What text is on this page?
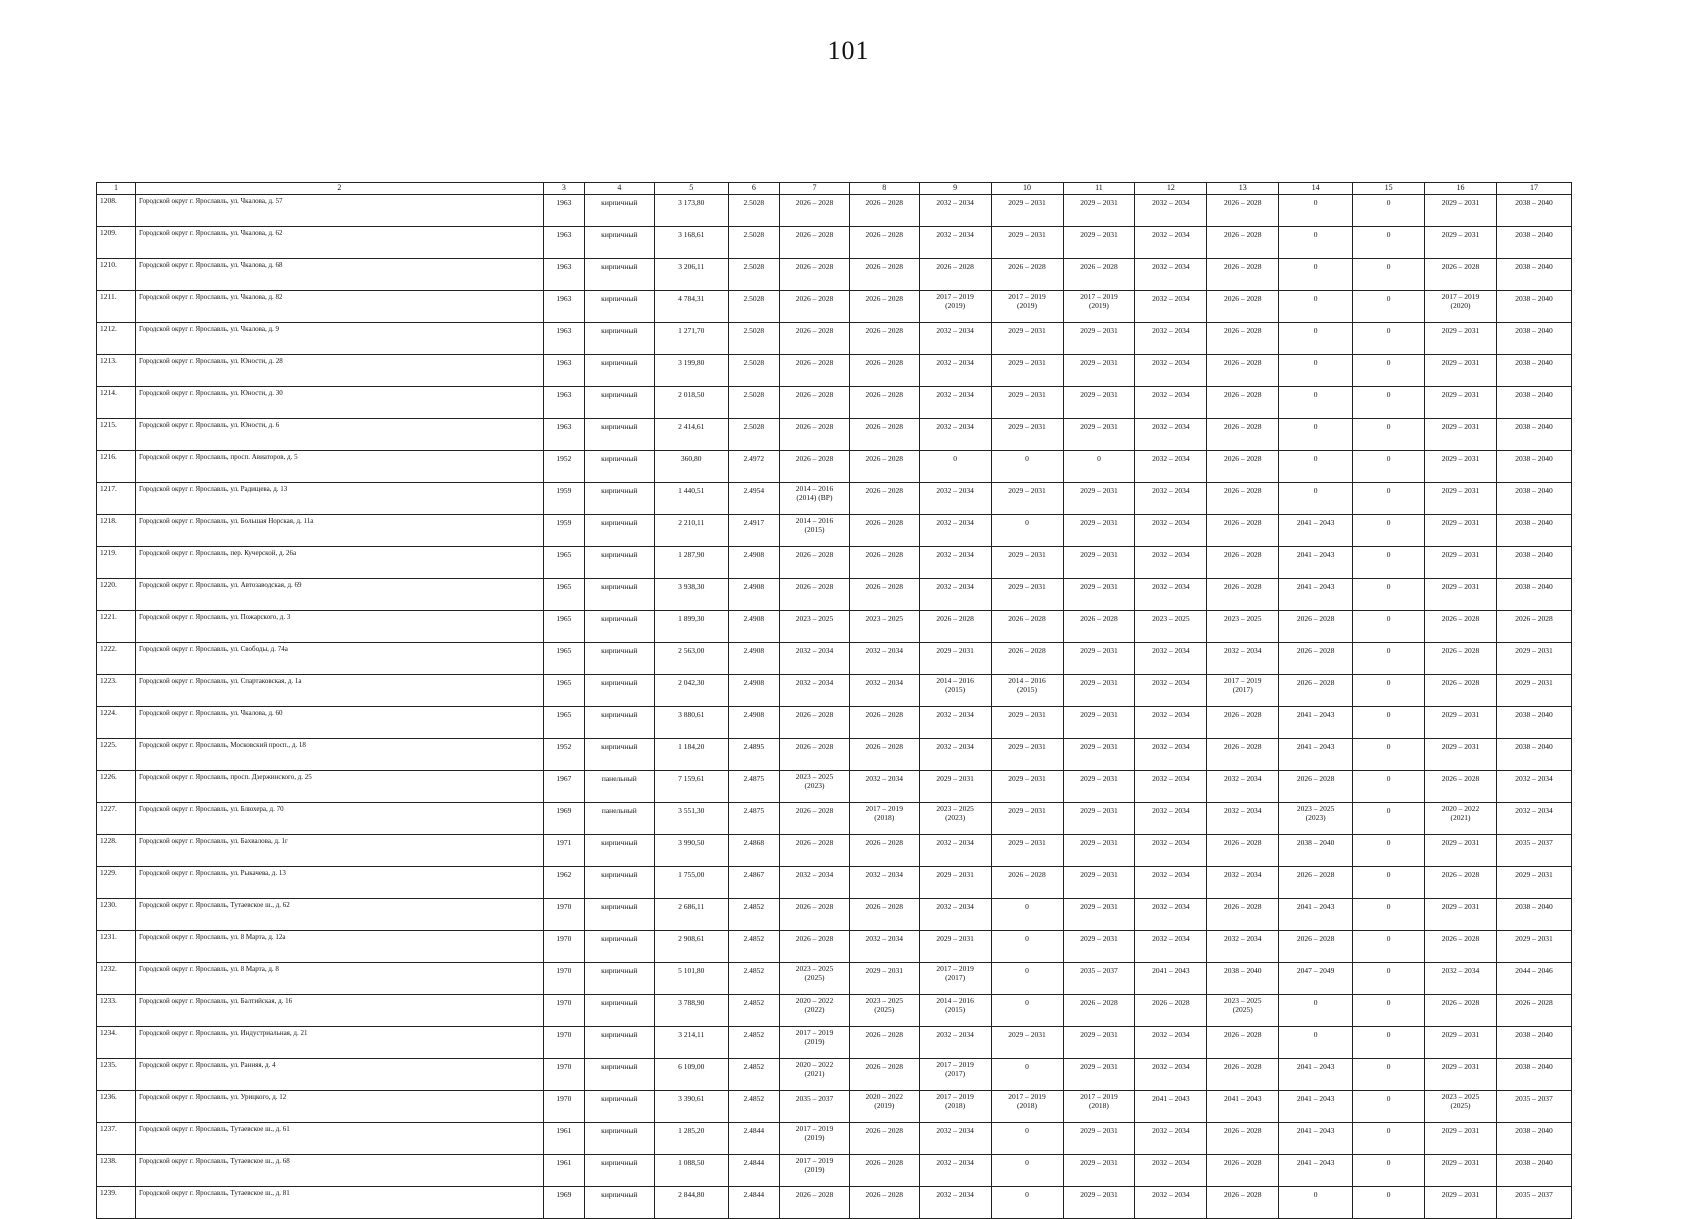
101
1	2	3	4	5	6	7	8	9	10	11	12	13	14	15	16	17
1208.	Городской округ г. Ярославль, ул. Чкалова, д. 57	1963	кирпичный	3 173,80	2.5028	2026 – 2028	2026 – 2028	2032 – 2034	2029 – 2031	2029 – 2031	2032 – 2034	2026 – 2028	0	0	2029 – 2031	2038 – 2040
1209.	Городской округ г. Ярославль, ул. Чкалова, д. 62	1963	кирпичный	3 168,61	2.5028	2026 – 2028	2026 – 2028	2032 – 2034	2029 – 2031	2029 – 2031	2032 – 2034	2026 – 2028	0	0	2029 – 2031	2038 – 2040
1210.	Городской округ г. Ярославль, ул. Чкалова, д. 68	1963	кирпичный	3 206,11	2.5028	2026 – 2028	2026 – 2028	2026 – 2028	2026 – 2028	2026 – 2028	2032 – 2034	2026 – 2028	0	0	2026 – 2028	2038 – 2040
1211.	Городской округ г. Ярославль, ул. Чкалова, д. 82	1963	кирпичный	4 784,31	2.5028	2026 – 2028	2026 – 2028	2017 – 2019
(2019)	2017 – 2019
(2019)	2017 – 2019
(2019)	2032 – 2034	2026 – 2028	0	0	2017 – 2019
(2020)	2038 – 2040
1212.	Городской округ г. Ярославль, ул. Чкалова, д. 9	1963	кирпичный	1 271,70	2.5028	2026 – 2028	2026 – 2028	2032 – 2034	2029 – 2031	2029 – 2031	2032 – 2034	2026 – 2028	0	0	2029 – 2031	2038 – 2040
1213.	Городской округ г. Ярославль, ул. Юности, д. 28	1963	кирпичный	3 199,80	2.5028	2026 – 2028	2026 – 2028	2032 – 2034	2029 – 2031	2029 – 2031	2032 – 2034	2026 – 2028	0	0	2029 – 2031	2038 – 2040
1214.	Городской округ г. Ярославль, ул. Юности, д. 30	1963	кирпичный	2 018,50	2.5028	2026 – 2028	2026 – 2028	2032 – 2034	2029 – 2031	2029 – 2031	2032 – 2034	2026 – 2028	0	0	2029 – 2031	2038 – 2040
1215.	Городской округ г. Ярославль, ул. Юности, д. 6	1963	кирпичный	2 414,61	2.5028	2026 – 2028	2026 – 2028	2032 – 2034	2029 – 2031	2029 – 2031	2032 – 2034	2026 – 2028	0	0	2029 – 2031	2038 – 2040
1216.	Городской округ г. Ярославль, просп. Авиаторов, д. 5	1952	кирпичный	360,80	2.4972	2026 – 2028	2026 – 2028	0	0	0	2032 – 2034	2026 – 2028	0	0	2029 – 2031	2038 – 2040
1217.	Городской округ г. Ярославль, ул. Радищева, д. 13	1959	кирпичный	1 440,51	2.4954	2014 – 2016
(2014) (ВР)	2026 – 2028	2032 – 2034	2029 – 2031	2029 – 2031	2032 – 2034	2026 – 2028	0	0	2029 – 2031	2038 – 2040
1218.	Городской округ г. Ярославль, ул. Большая Норская, д. 11а	1959	кирпичный	2 210,11	2.4917	2014 – 2016
(2015)	2026 – 2028	2032 – 2034	0	2029 – 2031	2032 – 2034	2026 – 2028	2041 – 2043	0	2029 – 2031	2038 – 2040
1219.	Городской округ г. Ярославль, пер. Кучерской, д. 26а	1965	кирпичный	1 287,90	2.4908	2026 – 2028	2026 – 2028	2032 – 2034	2029 – 2031	2029 – 2031	2032 – 2034	2026 – 2028	2041 – 2043	0	2029 – 2031	2038 – 2040
1220.	Городской округ г. Ярославль, ул. Автозаводская, д. 69	1965	кирпичный	3 938,30	2.4908	2026 – 2028	2026 – 2028	2032 – 2034	2029 – 2031	2029 – 2031	2032 – 2034	2026 – 2028	2041 – 2043	0	2029 – 2031	2038 – 2040
1221.	Городской округ г. Ярославль, ул. Пожарского, д. 3	1965	кирпичный	1 899,30	2.4908	2023 – 2025	2023 – 2025	2026 – 2028	2026 – 2028	2026 – 2028	2023 – 2025	2023 – 2025	2026 – 2028	0	2026 – 2028	2026 – 2028
1222.	Городской округ г. Ярославль, ул. Свободы, д. 74а	1965	кирпичный	2 563,00	2.4908	2032 – 2034	2032 – 2034	2029 – 2031	2026 – 2028	2029 – 2031	2032 – 2034	2032 – 2034	2026 – 2028	0	2026 – 2028	2029 – 2031
1223.	Городской округ г. Ярославль, ул. Спартаковская, д. 1а	1965	кирпичный	2 042,30	2.4908	2032 – 2034	2032 – 2034	2014 – 2016
(2015)	2014 – 2016
(2015)	2029 – 2031	2032 – 2034	2017 – 2019
(2017)	2026 – 2028	0	2026 – 2028	2029 – 2031
1224.	Городской округ г. Ярославль, ул. Чкалова, д. 60	1965	кирпичный	3 880,61	2.4908	2026 – 2028	2026 – 2028	2032 – 2034	2029 – 2031	2029 – 2031	2032 – 2034	2026 – 2028	2041 – 2043	0	2029 – 2031	2038 – 2040
1225.	Городской округ г. Ярославль, Московский просп., д. 18	1952	кирпичный	1 184,20	2.4895	2026 – 2028	2026 – 2028	2032 – 2034	2029 – 2031	2029 – 2031	2032 – 2034	2026 – 2028	2041 – 2043	0	2029 – 2031	2038 – 2040
1226.	Городской округ г. Ярославль, просп. Дзержинского, д. 25	1967	панельный	7 159,61	2.4875	2023 – 2025
(2023)	2032 – 2034	2029 – 2031	2029 – 2031	2029 – 2031	2032 – 2034	2032 – 2034	2026 – 2028	0	2026 – 2028	2032 – 2034
1227.	Городской округ г. Ярославль, ул. Блюхера, д. 70	1969	панельный	3 551,30	2.4875	2026 – 2028	2017 – 2019
(2018)	2023 – 2025
(2023)	2029 – 2031	2029 – 2031	2032 – 2034	2032 – 2034	2023 – 2025
(2023)	0	2020 – 2022
(2021)	2032 – 2034
1228.	Городской округ г. Ярославль, ул. Бахвалова, д. 1г	1971	кирпичный	3 990,50	2.4868	2026 – 2028	2026 – 2028	2032 – 2034	2029 – 2031	2029 – 2031	2032 – 2034	2026 – 2028	2038 – 2040	0	2029 – 2031	2035 – 2037
1229.	Городской округ г. Ярославль, ул. Рыкачева, д. 13	1962	кирпичный	1 755,00	2.4867	2032 – 2034	2032 – 2034	2029 – 2031	2026 – 2028	2029 – 2031	2032 – 2034	2032 – 2034	2026 – 2028	0	2026 – 2028	2029 – 2031
1230.	Городской округ г. Ярославль, Тутаевское ш., д. 62	1970	кирпичный	2 686,11	2.4852	2026 – 2028	2026 – 2028	2032 – 2034	0	2029 – 2031	2032 – 2034	2026 – 2028	2041 – 2043	0	2029 – 2031	2038 – 2040
1231.	Городской округ г. Ярославль, ул. 8 Марта, д. 12а	1970	кирпичный	2 908,61	2.4852	2026 – 2028	2032 – 2034	2029 – 2031	0	2029 – 2031	2032 – 2034	2032 – 2034	2026 – 2028	0	2026 – 2028	2029 – 2031
1232.	Городской округ г. Ярославль, ул. 8 Марта, д. 8	1970	кирпичный	5 101,80	2.4852	2023 – 2025
(2025)	2029 – 2031	2017 – 2019
(2017)	0	2035 – 2037	2041 – 2043	2038 – 2040	2047 – 2049	0	2032 – 2034	2044 – 2046
1233.	Городской округ г. Ярославль, ул. Балтийская, д. 16	1970	кирпичный	3 788,90	2.4852	2020 – 2022
(2022)	2023 – 2025
(2025)	2014 – 2016
(2015)	0	2026 – 2028	2026 – 2028	2023 – 2025
(2025)	0	0	2026 – 2028	2026 – 2028
1234.	Городской округ г. Ярославль, ул. Индустриальная, д. 21	1970	кирпичный	3 214,11	2.4852	2017 – 2019
(2019)	2026 – 2028	2032 – 2034	2029 – 2031	2029 – 2031	2032 – 2034	2026 – 2028	0	0	2029 – 2031	2038 – 2040
1235.	Городской округ г. Ярославль, ул. Ранняя, д. 4	1970	кирпичный	6 109,00	2.4852	2020 – 2022
(2021)	2026 – 2028	2017 – 2019
(2017)	0	2029 – 2031	2032 – 2034	2026 – 2028	2041 – 2043	0	2029 – 2031	2038 – 2040
1236.	Городской округ г. Ярославль, ул. Урицкого, д. 12	1970	кирпичный	3 390,61	2.4852	2035 – 2037	2020 – 2022
(2019)	2017 – 2019
(2018)	2017 – 2019
(2018)	2017 – 2019
(2018)	2041 – 2043	2041 – 2043	2041 – 2043	0	2023 – 2025
(2025)	2035 – 2037
1237.	Городской округ г. Ярославль, Тутаевское ш., д. 61	1961	кирпичный	1 285,20	2.4844	2017 – 2019
(2019)	2026 – 2028	2032 – 2034	0	2029 – 2031	2032 – 2034	2026 – 2028	2041 – 2043	0	2029 – 2031	2038 – 2040
1238.	Городской округ г. Ярославль, Тутаевское ш., д. 68	1961	кирпичный	1 088,50	2.4844	2017 – 2019
(2019)	2026 – 2028	2032 – 2034	0	2029 – 2031	2032 – 2034	2026 – 2028	2041 – 2043	0	2029 – 2031	2038 – 2040
1239.	Городской округ г. Ярославль, Тутаевское ш., д. 81	1969	кирпичный	2 844,80	2.4844	2026 – 2028	2026 – 2028	2032 – 2034	0	2029 – 2031	2032 – 2034	2026 – 2028	0	0	2029 – 2031	2035 – 2037
